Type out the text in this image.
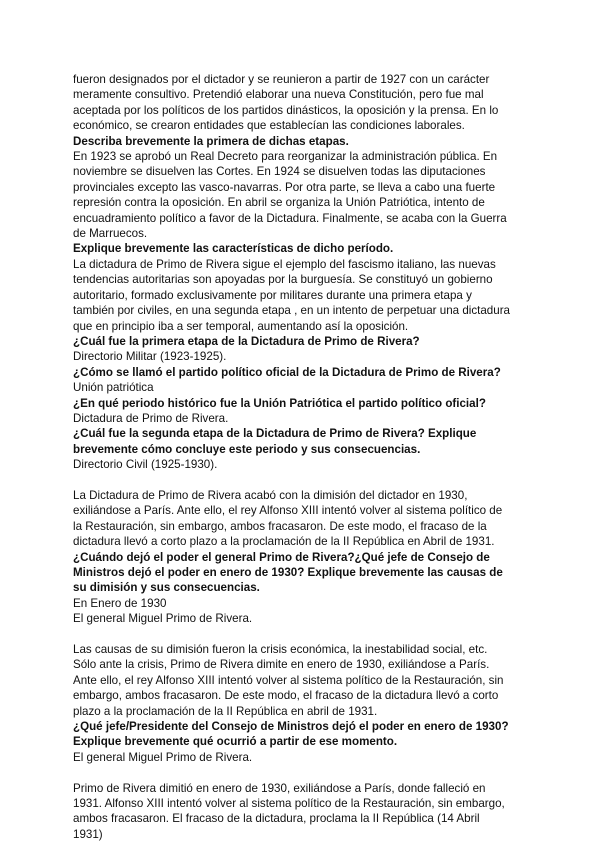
fueron designados por el dictador y se reunieron a partir de 1927 con un carácter meramente consultivo. Pretendió elaborar una nueva Constitución, pero fue mal aceptada por los políticos de los partidos dinásticos, la oposición y la prensa. En lo económico, se crearon entidades que establecían las condiciones laborales.
Describa brevemente la primera de dichas etapas.
En 1923 se aprobó un Real Decreto para reorganizar la administración pública. En noviembre se disuelven las Cortes. En 1924 se disuelven todas las diputaciones provinciales excepto las vasco-navarras. Por otra parte, se lleva a cabo una fuerte represión contra la oposición. En abril se organiza la Unión Patriótica, intento de encuadramiento político a favor de la Dictadura. Finalmente, se acaba con la Guerra de Marruecos.
Explique brevemente las características de dicho período.
La dictadura de Primo de Rivera sigue el ejemplo del fascismo italiano, las nuevas tendencias autoritarias son apoyadas por la burguesía. Se constituyó un gobierno autoritario, formado exclusivamente por militares durante una primera etapa y también por civiles, en una segunda etapa , en un intento de perpetuar una dictadura que en principio iba a ser temporal, aumentando así la oposición.
¿Cuál fue la primera etapa de la Dictadura de Primo de Rivera?
Directorio Militar (1923-1925).
¿Cómo se llamó el partido político oficial de la Dictadura de Primo de Rivera?
Unión patriótica
¿En qué periodo histórico fue la Unión Patriótica el partido político oficial?
Dictadura de Primo de Rivera.
¿Cuál fue la segunda etapa de la Dictadura de Primo de Rivera? Explique brevemente cómo concluye este periodo y sus consecuencias.
Directorio Civil (1925-1930).
La Dictadura de Primo de Rivera acabó con la dimisión del dictador en 1930, exiliándose a París. Ante ello, el rey Alfonso XIII intentó volver al sistema político de la Restauración, sin embargo, ambos fracasaron. De este modo, el fracaso de la dictadura llevó a corto plazo a la proclamación de la II República en Abril de 1931.
¿Cuándo dejó el poder el general Primo de Rivera?¿Qué jefe de Consejo de Ministros dejó el poder en enero de 1930? Explique brevemente las causas de su dimisión y sus consecuencias.
En Enero de 1930
El general Miguel Primo de Rivera.
Las causas de su dimisión fueron la crisis económica, la inestabilidad social, etc. Sólo ante la crisis, Primo de Rivera dimite en enero de 1930, exiliándose a París. Ante ello, el rey Alfonso XIII intentó volver al sistema político de la Restauración, sin embargo, ambos fracasaron. De este modo, el fracaso de la dictadura llevó a corto plazo a la proclamación de la II República en abril de 1931.
¿Qué jefe/Presidente del Consejo de Ministros dejó el poder en enero de 1930? Explique brevemente qué ocurrió a partir de ese momento.
El general Miguel Primo de Rivera.
Primo de Rivera dimitió en enero de 1930, exiliándose a París, donde falleció en 1931. Alfonso XIII intentó volver al sistema político de la Restauración, sin embargo, ambos fracasaron. El fracaso de la dictadura, proclama la II República (14 Abril 1931)
